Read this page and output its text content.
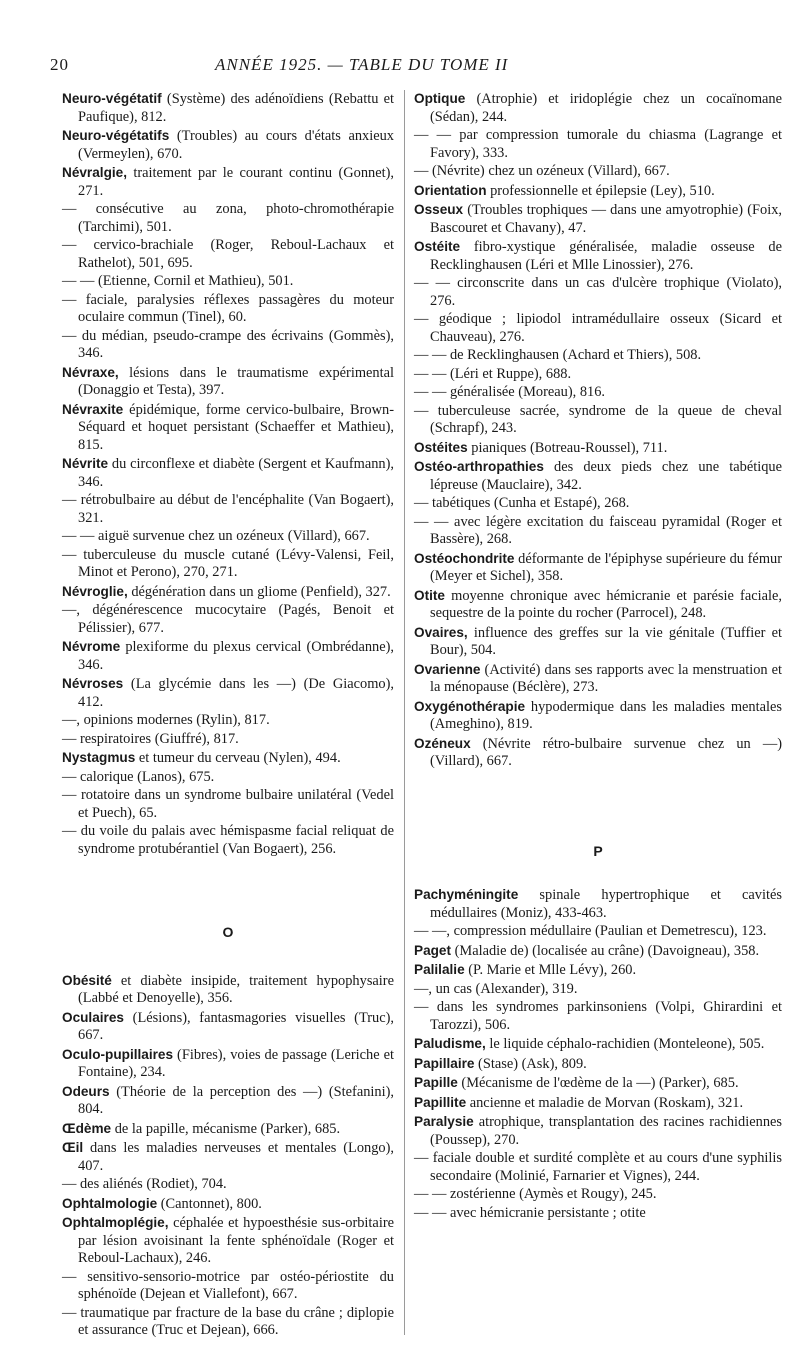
20	ANNÉE 1925. — TABLE DU TOME II
Neuro-végétatif (Système) des adénoïdiens (Rebattu et Paufique), 812.
Neuro-végétatifs (Troubles) au cours d'états anxieux (Vermeylen), 670.
Névralgie, traitement par le courant continu (Gonnet), 271.
— consécutive au zona, photo-chromothérapie (Tarchimi), 501.
— cervico-brachiale (Roger, Reboul-Lachaux et Rathelot), 501, 695.
— — (Etienne, Cornil et Mathieu), 501.
— faciale, paralysies réflexes passagères du moteur oculaire commun (Tinel), 60.
— du médian, pseudo-crampe des écrivains (Gommès), 346.
Névraxe, lésions dans le traumatisme expérimental (Donaggio et Testa), 397.
Névraxite épidémique, forme cervico-bulbaire, Brown-Séquard et hoquet persistant (Schaeffer et Mathieu), 815.
Névrite du circonflexe et diabète (Sergent et Kaufmann), 346.
— rétrobulbaire au début de l'encéphalite (Van Bogaert), 321.
— — aiguë survenue chez un ozéneux (Villard), 667.
— tuberculeuse du muscle cutané (Lévy-Valensi, Feil, Minot et Perono), 270, 271.
Névroglie, dégénération dans un gliome (Penfield), 327.
—, dégénérescence mucocytaire (Pagés, Benoit et Pélissier), 677.
Névrome plexiforme du plexus cervical (Ombrédanne), 346.
Névroses (La glycémie dans les —) (De Giacomo), 412.
—, opinions modernes (Rylin), 817.
— respiratoires (Giuffré), 817.
Nystagmus et tumeur du cerveau (Nylen), 494.
— calorique (Lanos), 675.
— rotatoire dans un syndrome bulbaire unilatéral (Vedel et Puech), 65.
— du voile du palais avec hémispasme facial reliquat de syndrome protubérantiel (Van Bogaert), 256.
O
Obésité et diabète insipide, traitement hypophysaire (Labbé et Denoyelle), 356.
Oculaires (Lésions), fantasmagories visuelles (Truc), 667.
Oculo-pupillaires (Fibres), voies de passage (Leriche et Fontaine), 234.
Odeurs (Théorie de la perception des —) (Stefanini), 804.
Œdème de la papille, mécanisme (Parker), 685.
Œil dans les maladies nerveuses et mentales (Longo), 407.
— des aliénés (Rodiet), 704.
Ophtalmologie (Cantonnet), 800.
Ophtalmoplégie, céphalée et hypoesthésie sus-orbitaire par lésion avoisinant la fente sphénoïdale (Roger et Reboul-Lachaux), 246.
— sensitivo-sensorio-motrice par ostéo-périostite du sphénoïde (Dejean et Viallefont), 667.
— traumatique par fracture de la base du crâne ; diplopie et assurance (Truc et Dejean), 666.
Optique (Atrophie) et iridoplégie chez un cocaïnomane (Sédan), 244.
— — par compression tumorale du chiasma (Lagrange et Favory), 333.
— (Névrite) chez un ozéneux (Villard), 667.
Orientation professionnelle et épilepsie (Ley), 510.
Osseux (Troubles trophiques — dans une amyotrophie) (Foix, Bascouret et Chavany), 47.
Ostéite fibro-xystique généralisée, maladie osseuse de Recklinghausen (Léri et Mlle Linossier), 276.
— — circonscrite dans un cas d'ulcère trophique (Violato), 276.
— géodique ; lipiodol intramédullaire osseux (Sicard et Chauveau), 276.
— — de Recklinghausen (Achard et Thiers), 508.
— — (Léri et Ruppe), 688.
— — généralisée (Moreau), 816.
— tuberculeuse sacrée, syndrome de la queue de cheval (Schrapf), 243.
Ostéites pianiques (Botreau-Roussel), 711.
Ostéo-arthropathies des deux pieds chez une tabétique lépreuse (Mauclaire), 342.
— tabétiques (Cunha et Estapé), 268.
— — avec légère excitation du faisceau pyramidal (Roger et Bassère), 268.
Ostéochondrite déformante de l'épiphyse supérieure du fémur (Meyer et Sichel), 358.
Otite moyenne chronique avec hémicranie et parésie faciale, sequestre de la pointe du rocher (Parrocel), 248.
Ovaires, influence des greffes sur la vie génitale (Tuffier et Bour), 504.
Ovarienne (Activité) dans ses rapports avec la menstruation et la ménopause (Béclère), 273.
Oxygénothérapie hypodermique dans les maladies mentales (Ameghino), 819.
Ozéneux (Névrite rétro-bulbaire survenue chez un —) (Villard), 667.
P
Pachyméningite spinale hypertrophique et cavités médullaires (Moniz), 433-463.
— —, compression médullaire (Paulian et Demetrescu), 123.
Paget (Maladie de) (localisée au crâne) (Davoigneau), 358.
Palilalie (P. Marie et Mlle Lévy), 260.
—, un cas (Alexander), 319.
— dans les syndromes parkinsoniens (Volpi, Ghirardini et Tarozzi), 506.
Paludisme, le liquide céphalo-rachidien (Monteleone), 505.
Papillaire (Stase) (Ask), 809.
Papille (Mécanisme de l'œdème de la —) (Parker), 685.
Papillite ancienne et maladie de Morvan (Roskam), 321.
Paralysie atrophique, transplantation des racines rachidiennes (Poussep), 270.
— faciale double et surdité complète et au cours d'une syphilis secondaire (Molinié, Farnarier et Vignes), 244.
— — zostérienne (Aymès et Rougy), 245.
— — avec hémicranie persistante ; otite
